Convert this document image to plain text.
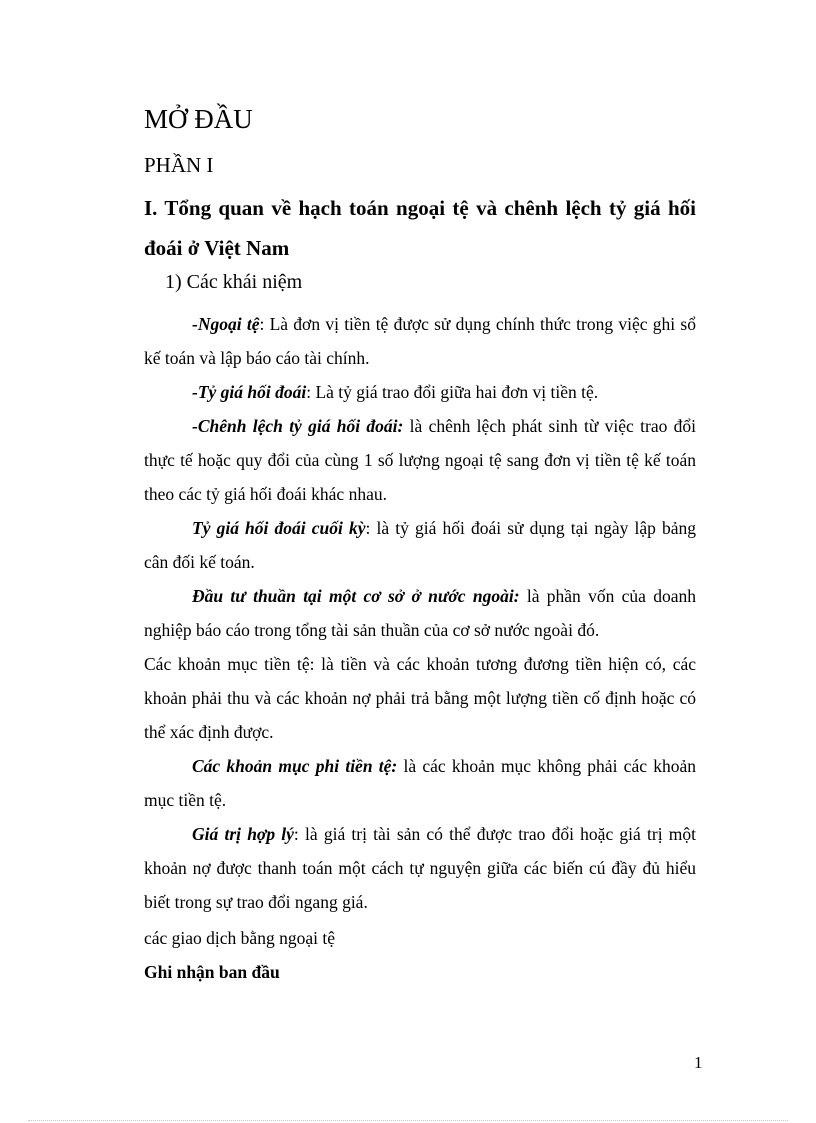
MỞ ĐẦU
PHẦN I
I. Tổng quan về hạch toán ngoại tệ và chênh lệch tỷ giá hối đoái ở Việt Nam
1) Các khái niệm

-Ngoại tệ: Là đơn vị tiền tệ được sử dụng chính thức trong việc ghi sổ kế toán và lập báo cáo tài chính.

-Tỷ giá hối đoái: Là tỷ giá trao đổi giữa hai đơn vị tiền tệ.

-Chênh lệch tỷ giá hối đoái: là chênh lệch phát sinh từ việc trao đổi thực tế hoặc quy đổi của cùng 1 số lượng ngoại tệ sang đơn vị tiền tệ kế toán theo các tỷ giá hối đoái khác nhau.

Tỷ giá hối đoái cuối kỳ: là tỷ giá hối đoái sử dụng tại ngày lập bảng cân đối kế toán.

Đầu tư thuần tại một cơ sở ở nước ngoài: là phần vốn của doanh nghiệp báo cáo trong tổng tài sản thuần của cơ sở nước ngoài đó.

Các khoản mục tiền tệ: là tiền và các khoản tương đương tiền hiện có, các khoản phải thu và các khoản nợ phải trả bằng một lượng tiền cố định hoặc có thể xác định được.

Các khoản mục phi tiền tệ: là các khoản mục không phải các khoản mục tiền tệ.

Giá trị hợp lý: là giá trị tài sản có thể được trao đổi hoặc giá trị một khoản nợ được thanh toán một cách tự nguyện giữa các biến cú đầy đủ hiểu biết trong sự trao đổi ngang giá.

các giao dịch bằng ngoại tệ

Ghi nhận ban đầu

1
